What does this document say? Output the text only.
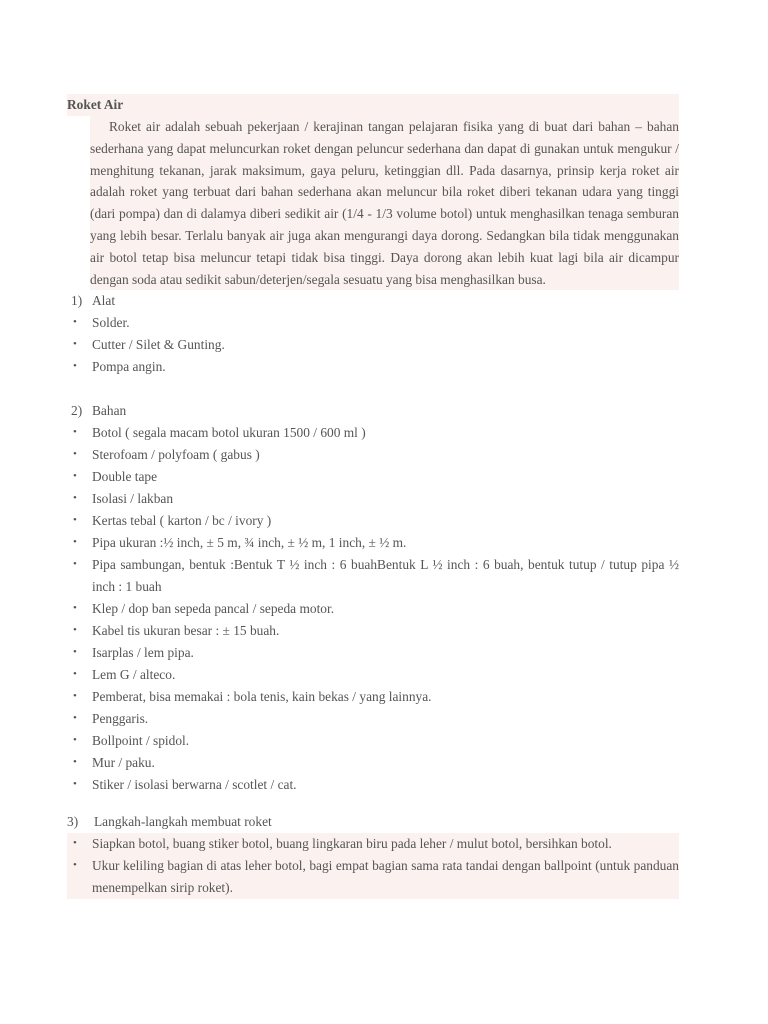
Roket Air

Roket air adalah sebuah pekerjaan / kerajinan tangan pelajaran fisika yang di buat dari bahan – bahan sederhana yang dapat meluncurkan roket dengan peluncur sederhana dan dapat di gunakan untuk mengukur / menghitung tekanan, jarak maksimum, gaya peluru, ketinggian dll. Pada dasarnya, prinsip kerja roket air adalah roket yang terbuat dari bahan sederhana akan meluncur bila roket diberi tekanan udara yang tinggi (dari pompa) dan di dalamya diberi sedikit air (1/4 - 1/3 volume botol) untuk menghasilkan tenaga semburan yang lebih besar. Terlalu banyak air juga akan mengurangi daya dorong. Sedangkan bila tidak menggunakan air botol tetap bisa meluncur tetapi tidak bisa tinggi. Daya dorong akan lebih kuat lagi bila air dicampur dengan soda atau sedikit sabun/deterjen/segala sesuatu yang bisa menghasilkan busa.

1) Alat
• Solder.
• Cutter / Silet & Gunting.
• Pompa angin.
2) Bahan
• Botol ( segala macam botol ukuran 1500 / 600 ml )
• Sterofoam / polyfoam ( gabus )
• Double tape
• Isolasi / lakban
• Kertas tebal ( karton / bc / ivory )
• Pipa ukuran :½ inch, ± 5 m, ¾ inch, ± ½ m, 1 inch, ± ½ m.
• Pipa sambungan, bentuk :Bentuk T ½ inch : 6 buahBentuk L ½ inch : 6 buah, bentuk tutup / tutup pipa ½ inch : 1 buah
• Klep / dop ban sepeda pancal / sepeda motor.
• Kabel tis ukuran besar : ± 15 buah.
• Isarplas / lem pipa.
• Lem G / alteco.
• Pemberat, bisa memakai : bola tenis, kain bekas / yang lainnya.
• Penggaris.
• Bollpoint / spidol.
• Mur / paku.
• Stiker / isolasi berwarna / scotlet / cat.
3) Langkah-langkah membuat roket
• Siapkan botol, buang stiker botol, buang lingkaran biru pada leher / mulut botol, bersihkan botol.
• Ukur keliling bagian di atas leher botol, bagi empat bagian sama rata tandai dengan ballpoint (untuk panduan menempelkan sirip roket).
